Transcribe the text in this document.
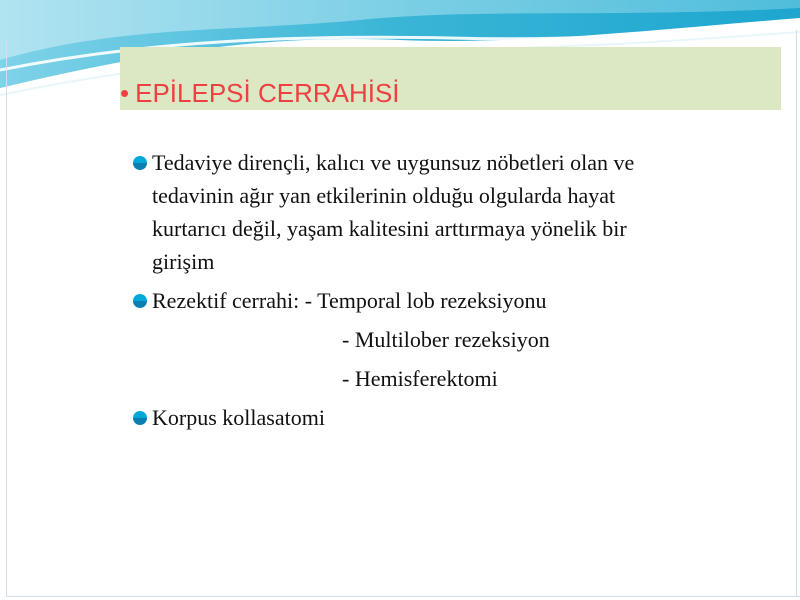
• EPİLEPSİ CERRAHİSİ
Tedaviye dirençli, kalıcı ve uygunsuz nöbetleri olan ve
tedavinin ağır yan etkilerinin olduğu olgularda hayat
kurtarıcı değil, yaşam kalitesini arttırmaya yönelik bir
girişim
Rezektif cerrahi: - Temporal lob rezeksiyonu
- Multilober rezeksiyon
- Hemisferektomi
Korpus kollasatomi
